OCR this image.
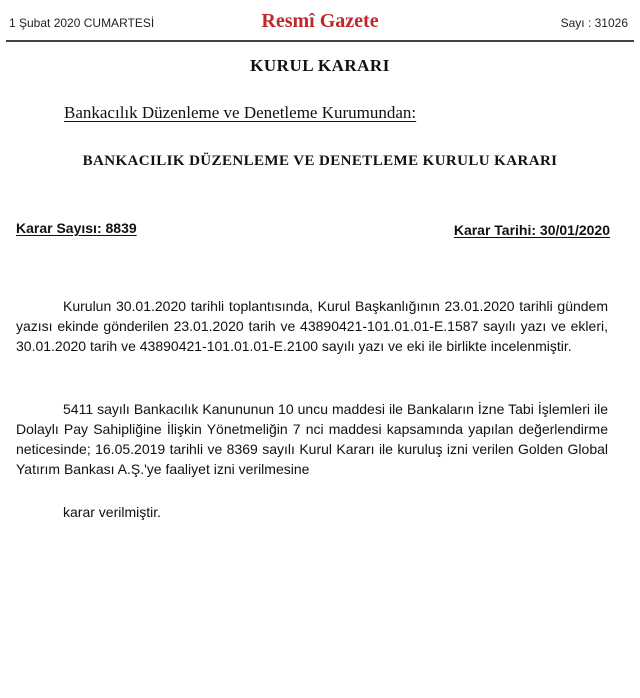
1 Şubat 2020 CUMARTESİ	Resmî Gazete	Sayı : 31026
KURUL KARARI
Bankacılık Düzenleme ve Denetleme Kurumundan:
BANKACILIK DÜZENLEME VE DENETLEME KURULU KARARI
Karar Sayısı: 8839	Karar Tarihi: 30/01/2020
Kurulun 30.01.2020 tarihli toplantısında, Kurul Başkanlığının 23.01.2020 tarihli gündem yazısı ekinde gönderilen 23.01.2020 tarih ve 43890421-101.01.01-E.1587 sayılı yazı ve ekleri, 30.01.2020 tarih ve 43890421-101.01.01-E.2100 sayılı yazı ve eki ile birlikte incelenmiştir.
5411 sayılı Bankacılık Kanununun 10 uncu maddesi ile Bankaların İzne Tabi İşlemleri ile Dolaylı Pay Sahipliğine İlişkin Yönetmeliğin 7 nci maddesi kapsamında yapılan değerlendirme neticesinde; 16.05.2019 tarihli ve 8369 sayılı Kurul Kararı ile kuruluş izni verilen Golden Global Yatırım Bankası A.Ş.'ye faaliyet izni verilmesine
karar verilmiştir.
